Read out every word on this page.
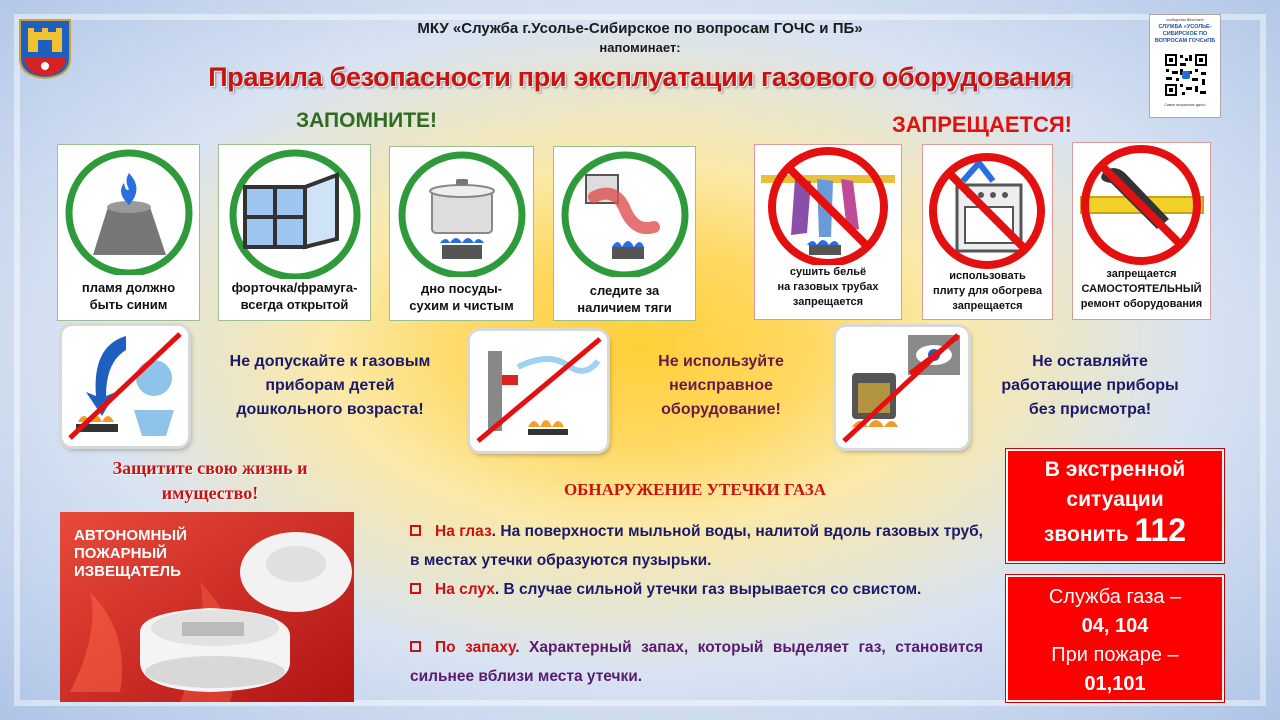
МКУ «Служба г.Усолье-Сибирское по вопросам ГОЧС и ПБ»
напоминает:
Правила безопасности при эксплуатации газового оборудования
сообщество ВКонтакте
СЛУЖБА «УСОЛЬЕ-
СИБИРСКОЕ ПО
ВОПРОСАМ ГОЧСиПБ
Самое актуальное здесь!
ЗАПОМНИТЕ!	ЗАПРЕЩАЕТСЯ!
пламя должно
быть синим
форточка/фрамуга-
всегда открытой
дно посуды-
сухим и чистым
следите за
наличием тяги
сушить бельё
на газовых трубах
запрещается
использовать
плиту для обогрева
запрещается
запрещается
САМОСТОЯТЕЛЬНЫЙ
ремонт оборудования
Не допускайте к газовым
приборам детей
дошкольного возраста!
Не используйте
неисправное
оборудование!
Не оставляйте
работающие приборы
без присмотра!
Защитите свою жизнь и
имущество!
АВТОНОМНЫЙ
ПОЖАРНЫЙ
ИЗВЕЩАТЕЛЬ
ОБНАРУЖЕНИЕ УТЕЧКИ ГАЗА
На глаз. На поверхности мыльной воды, налитой вдоль газовых труб, в местах утечки образуются пузырьки.
На слух. В случае сильной утечки газ вырывается со свистом.
По запаху. Характерный запах, который выделяет газ, становится сильнее вблизи места утечки.
В экстренной
ситуации
звонить 112
Служба газа –
04, 104
При пожаре –
01,101
